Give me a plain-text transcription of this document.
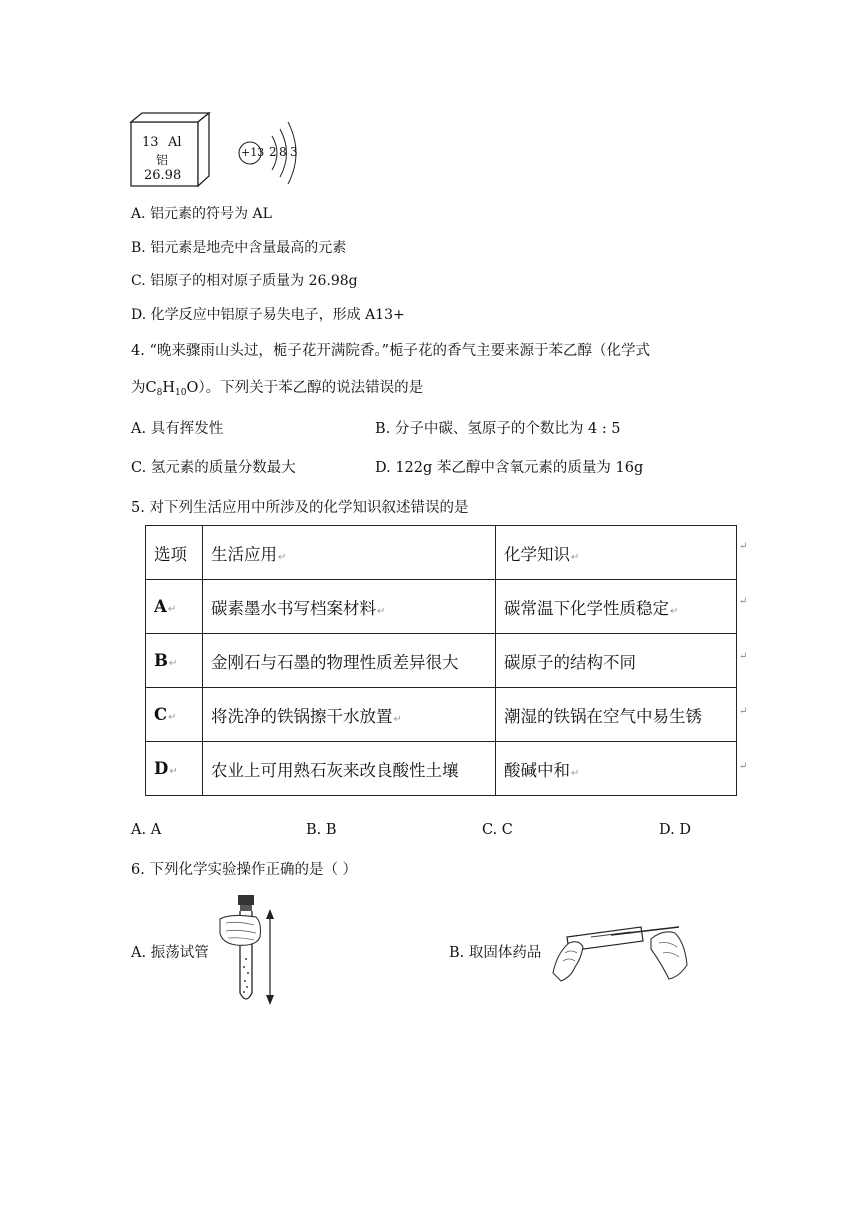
13 Al
铝
26.98
+13 2 8 3
A. 铝元素的符号为 AL
B. 铝元素是地壳中含量最高的元素
C. 铝原子的相对原子质量为 26.98g
D. 化学反应中铝原子易失电子，形成 A13+
4. “晚来骤雨山头过，栀子花开满院香。”栀子花的香气主要来源于苯乙醇（化学式
为$C_8H_{10}O$）。下列关于苯乙醇的说法错误的是
A. 具有挥发性	B. 分子中碳、氢原子的个数比为 4 : 5
C. 氢元素的质量分数最大	D. 122g 苯乙醇中含氧元素的质量为 16g
5. 对下列生活应用中所涉及的化学知识叙述错误的是
选项	生活应用↵	化学知识↵
A↵	碳素墨水书写档案材料↵	碳常温下化学性质稳定↵
B↵	金刚石与石墨的物理性质差异很大	碳原子的结构不同
C↵	将洗净的铁锅擦干水放置↵	潮湿的铁锅在空气中易生锈
D↵	农业上可用熟石灰来改良酸性土壤	酸碱中和↵
↵
↵
↵
↵
↵
A. A	B. B	C. C	D. D
6. 下列化学实验操作正确的是（ ）
A. 振荡试管	B. 取固体药品
